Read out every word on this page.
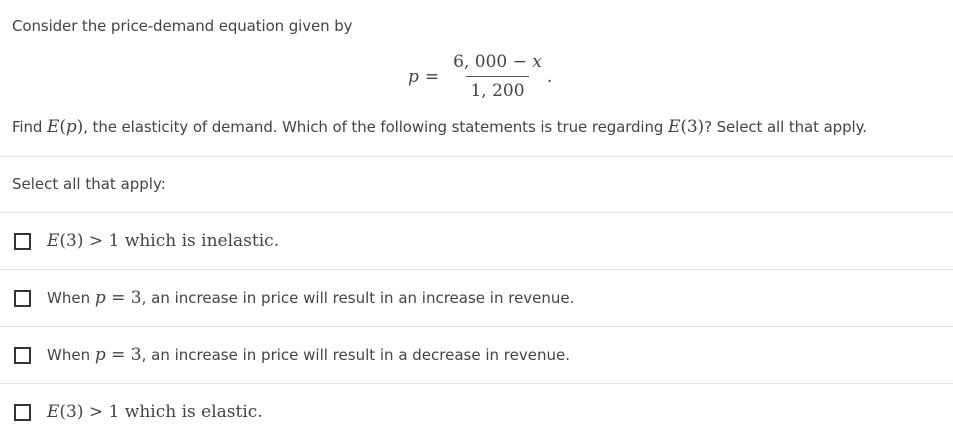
Consider the price-demand equation given by
$p = \frac{6, 000 - x}{1, 200}$ .
Find E(p), the elasticity of demand. Which of the following statements is true regarding E(3)? Select all that apply.
Select all that apply:
E(3) > 1 which is inelastic.
When p = 3, an increase in price will result in an increase in revenue.
When p = 3, an increase in price will result in a decrease in revenue.
E(3) > 1 which is elastic.
